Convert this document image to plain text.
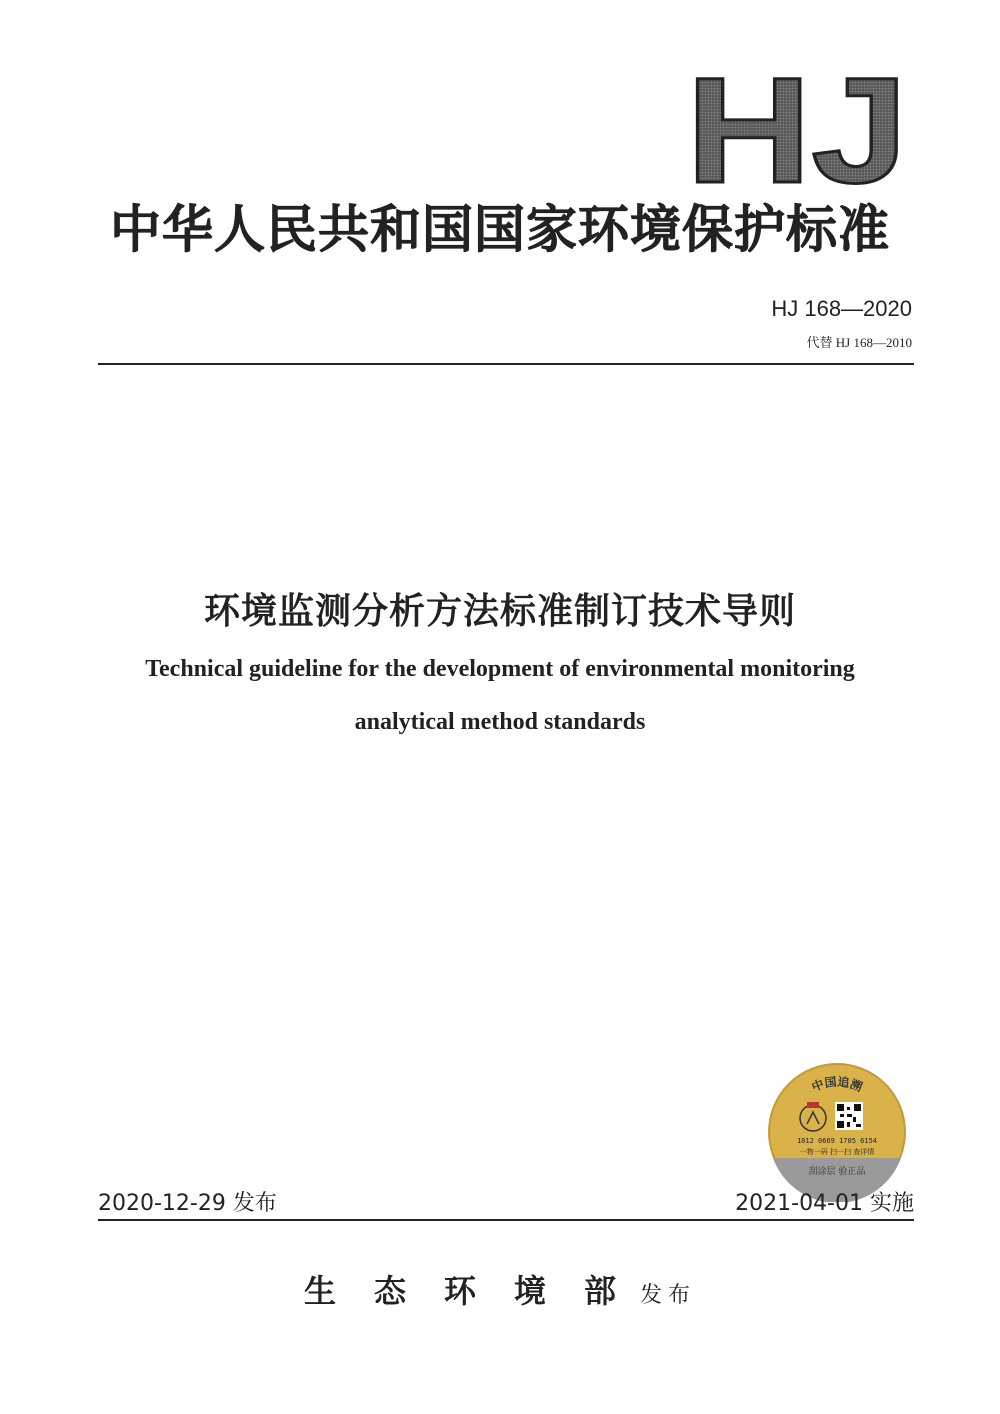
HJ
中华人民共和国国家环境保护标准
HJ 168—2020
代替 HJ 168—2010
环境监测分析方法标准制订技术导则
Technical guideline for the development of environmental monitoring
analytical method standards
中国追溯
1012 0669 1705 6154
一物一码 扫一扫 查详情
刮涂层 验正品
2020-12-29 发布	2021-04-01 实施
生态环境部发布
